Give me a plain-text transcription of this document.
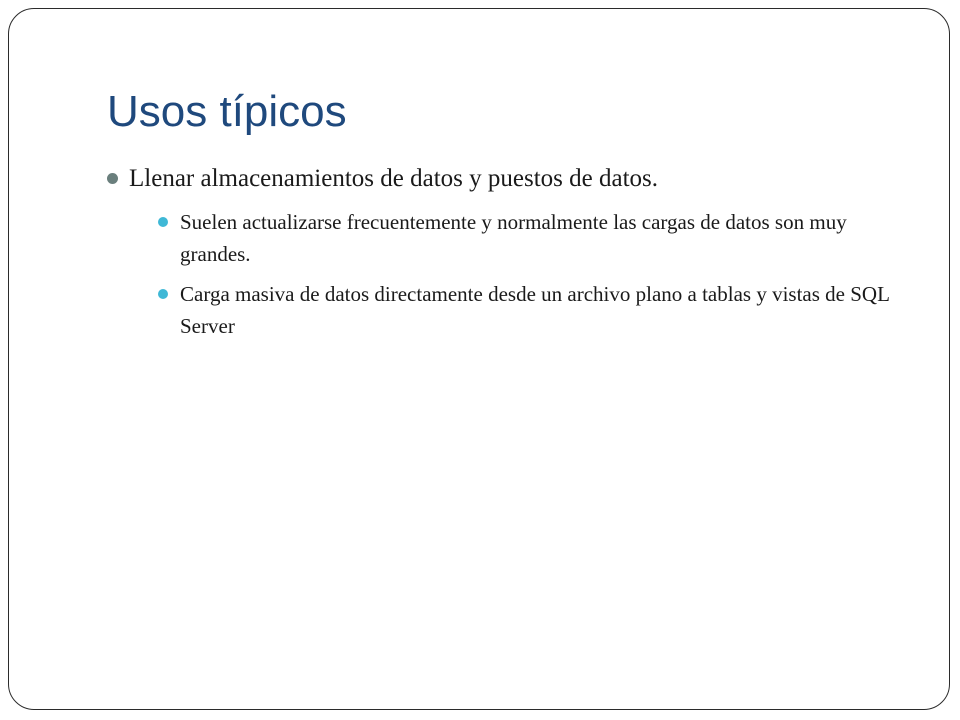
Usos típicos
Llenar almacenamientos de datos y puestos de datos.
Suelen actualizarse frecuentemente y normalmente las cargas de datos son muy grandes.
Carga masiva de datos directamente desde un archivo plano a tablas y vistas de SQL Server
